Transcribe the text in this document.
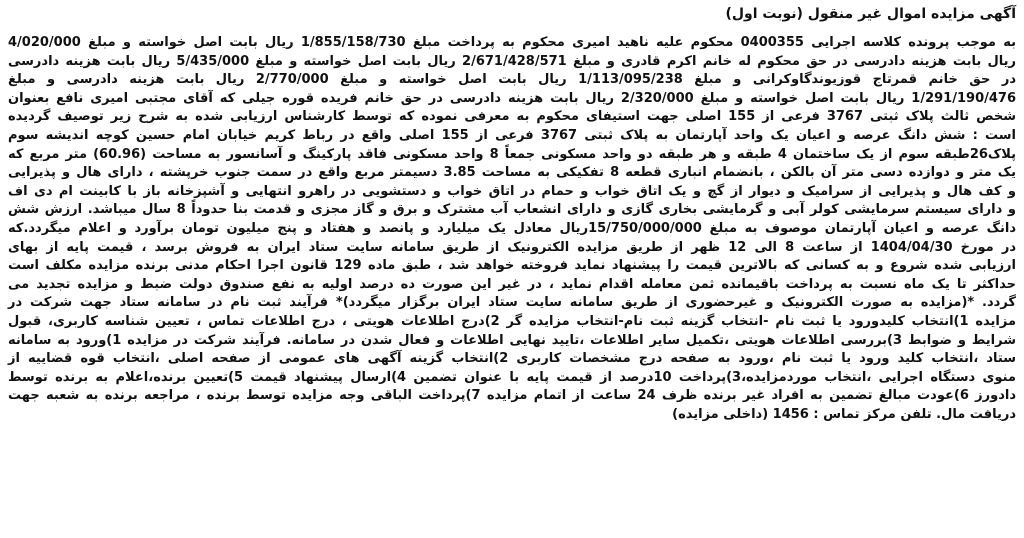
آگهی مزایده اموال غیر منقول (نوبت اول)
به موجب پرونده کلاسه اجرایی 0400355 محکوم علیه ناهید امیری محکوم به پرداخت مبلغ 1/855/158/730 ریال بابت اصل خواسته و مبلغ 4/020/000
ریال بابت هزینه دادرسی در حق محکوم له خانم اکرم قادری و مبلغ 2/671/428/571 ریال بابت اصل خواسته و مبلغ 5/435/000 ریال بابت هزینه دادرسی
در حق خانم قمرتاج قوزیوندگاوکرانی و مبلغ 1/113/095/238 ریال بابت اصل خواسته و مبلغ 2/770/000 ریال بابت هزینه دادرسی و مبلغ
1/291/190/476 ریال بابت اصل خواسته و مبلغ 2/320/000 ریال بابت هزینه دادرسی در حق خانم فریده قوره جیلی که آقای مجتبی امیری نافع بعنوان
شخص ثالث پلاک ثبتی 3767 فرعی از 155 اصلی جهت استیفای محکوم به معرفی نموده که توسط کارشناس ارزیابی شده به شرح زیر توصیف گردیده
است : شش دانگ عرصه و اعیان یک واحد آپارتمان به پلاک ثبتی 3767 فرعی از 155 اصلی واقع در رباط کریم خیابان امام حسین کوچه اندیشه سوم
پلاک26طبقه سوم از یک ساختمان 4 طبقه و هر طبقه دو واحد مسکونی جمعاً 8 واحد مسکونی فاقد پارکینگ و آسانسور به مساحت (60.96) متر مربع که
یک متر و دوازده دسی متر آن بالکن ، بانضمام انباری قطعه 8 تفکیکی به مساحت 3.85 دسیمتر مربع واقع در سمت جنوب خرپشته ، دارای هال و پذیرایی
و کف هال و پذیرایی از سرامیک و دیوار از گچ و یک اتاق خواب و حمام در اتاق خواب و دستشویی در راهرو انتهایی و آشپزخانه باز با کابینت ام دی اف
و دارای سیستم سرمایشی کولر آبی و گرمایشی بخاری گازی و دارای انشعاب آب مشترک و برق و گاز مجزی و قدمت بنا حدوداً 8 سال میباشد. ارزش شش
دانگ عرصه و اعیان آپارتمان موصوف به مبلغ 15/750/000/000ریال معادل یک میلیارد و پانصد و هفتاد و پنج میلیون تومان برآورد و اعلام میگردد.که
در مورخ 1404/04/30 از ساعت 8 الی 12 ظهر از طریق مزایده الکترونیک از طریق سامانه سایت ستاد ایران به فروش برسد ، قیمت پایه از بهای
ارزیابی شده شروع و به کسانی که بالاترین قیمت را پیشنهاد نماید فروخته خواهد شد ، طبق ماده 129 قانون اجرا احکام مدنی برنده مزایده مکلف است
حداکثر تا یک ماه نسبت به پرداخت باقیمانده ثمن معامله اقدام نماید ، در غیر این صورت ده درصد اولیه به نفع صندوق دولت ضبط و مزایده تجدید می
گردد. *(مزایده به صورت الکترونیک و غیرحضوری از طریق سامانه سایت ستاد ایران برگزار میگردد)* فرآیند ثبت نام در سامانه ستاد جهت شرکت در
مزایده 1)انتخاب کلیدورود یا ثبت نام -انتخاب گزینه ثبت نام-انتخاب مزایده گر 2)درج اطلاعات هویتی ، درج اطلاعات تماس ، تعیین شناسه کاربری، قبول
شرایط و ضوابط 3)بررسی اطلاعات هویتی ،تکمیل سایر اطلاعات ،تایید نهایی اطلاعات و فعال شدن در سامانه. فرآیند شرکت در مزایده 1)ورود به سامانه
ستاد ،انتخاب کلید ورود یا ثبت نام ،ورود به صفحه درج مشخصات کاربری 2)انتخاب گزینه آگهی های عمومی از صفحه اصلی ،انتخاب قوه قضاییه از
منوی دستگاه اجرایی ،انتخاب موردمزایده،3)پرداخت 10درصد از قیمت پایه با عنوان تضمین 4)ارسال پیشنهاد قیمت 5)تعیین برنده،اعلام به برنده توسط
دادورز 6)عودت مبالغ تضمین به افراد غیر برنده ظرف 24 ساعت از اتمام مزایده 7)پرداخت الباقی وجه مزایده توسط برنده ، مراجعه برنده به شعبه جهت
دریافت مال. تلفن مرکز تماس : 1456 (داخلی مزایده)
